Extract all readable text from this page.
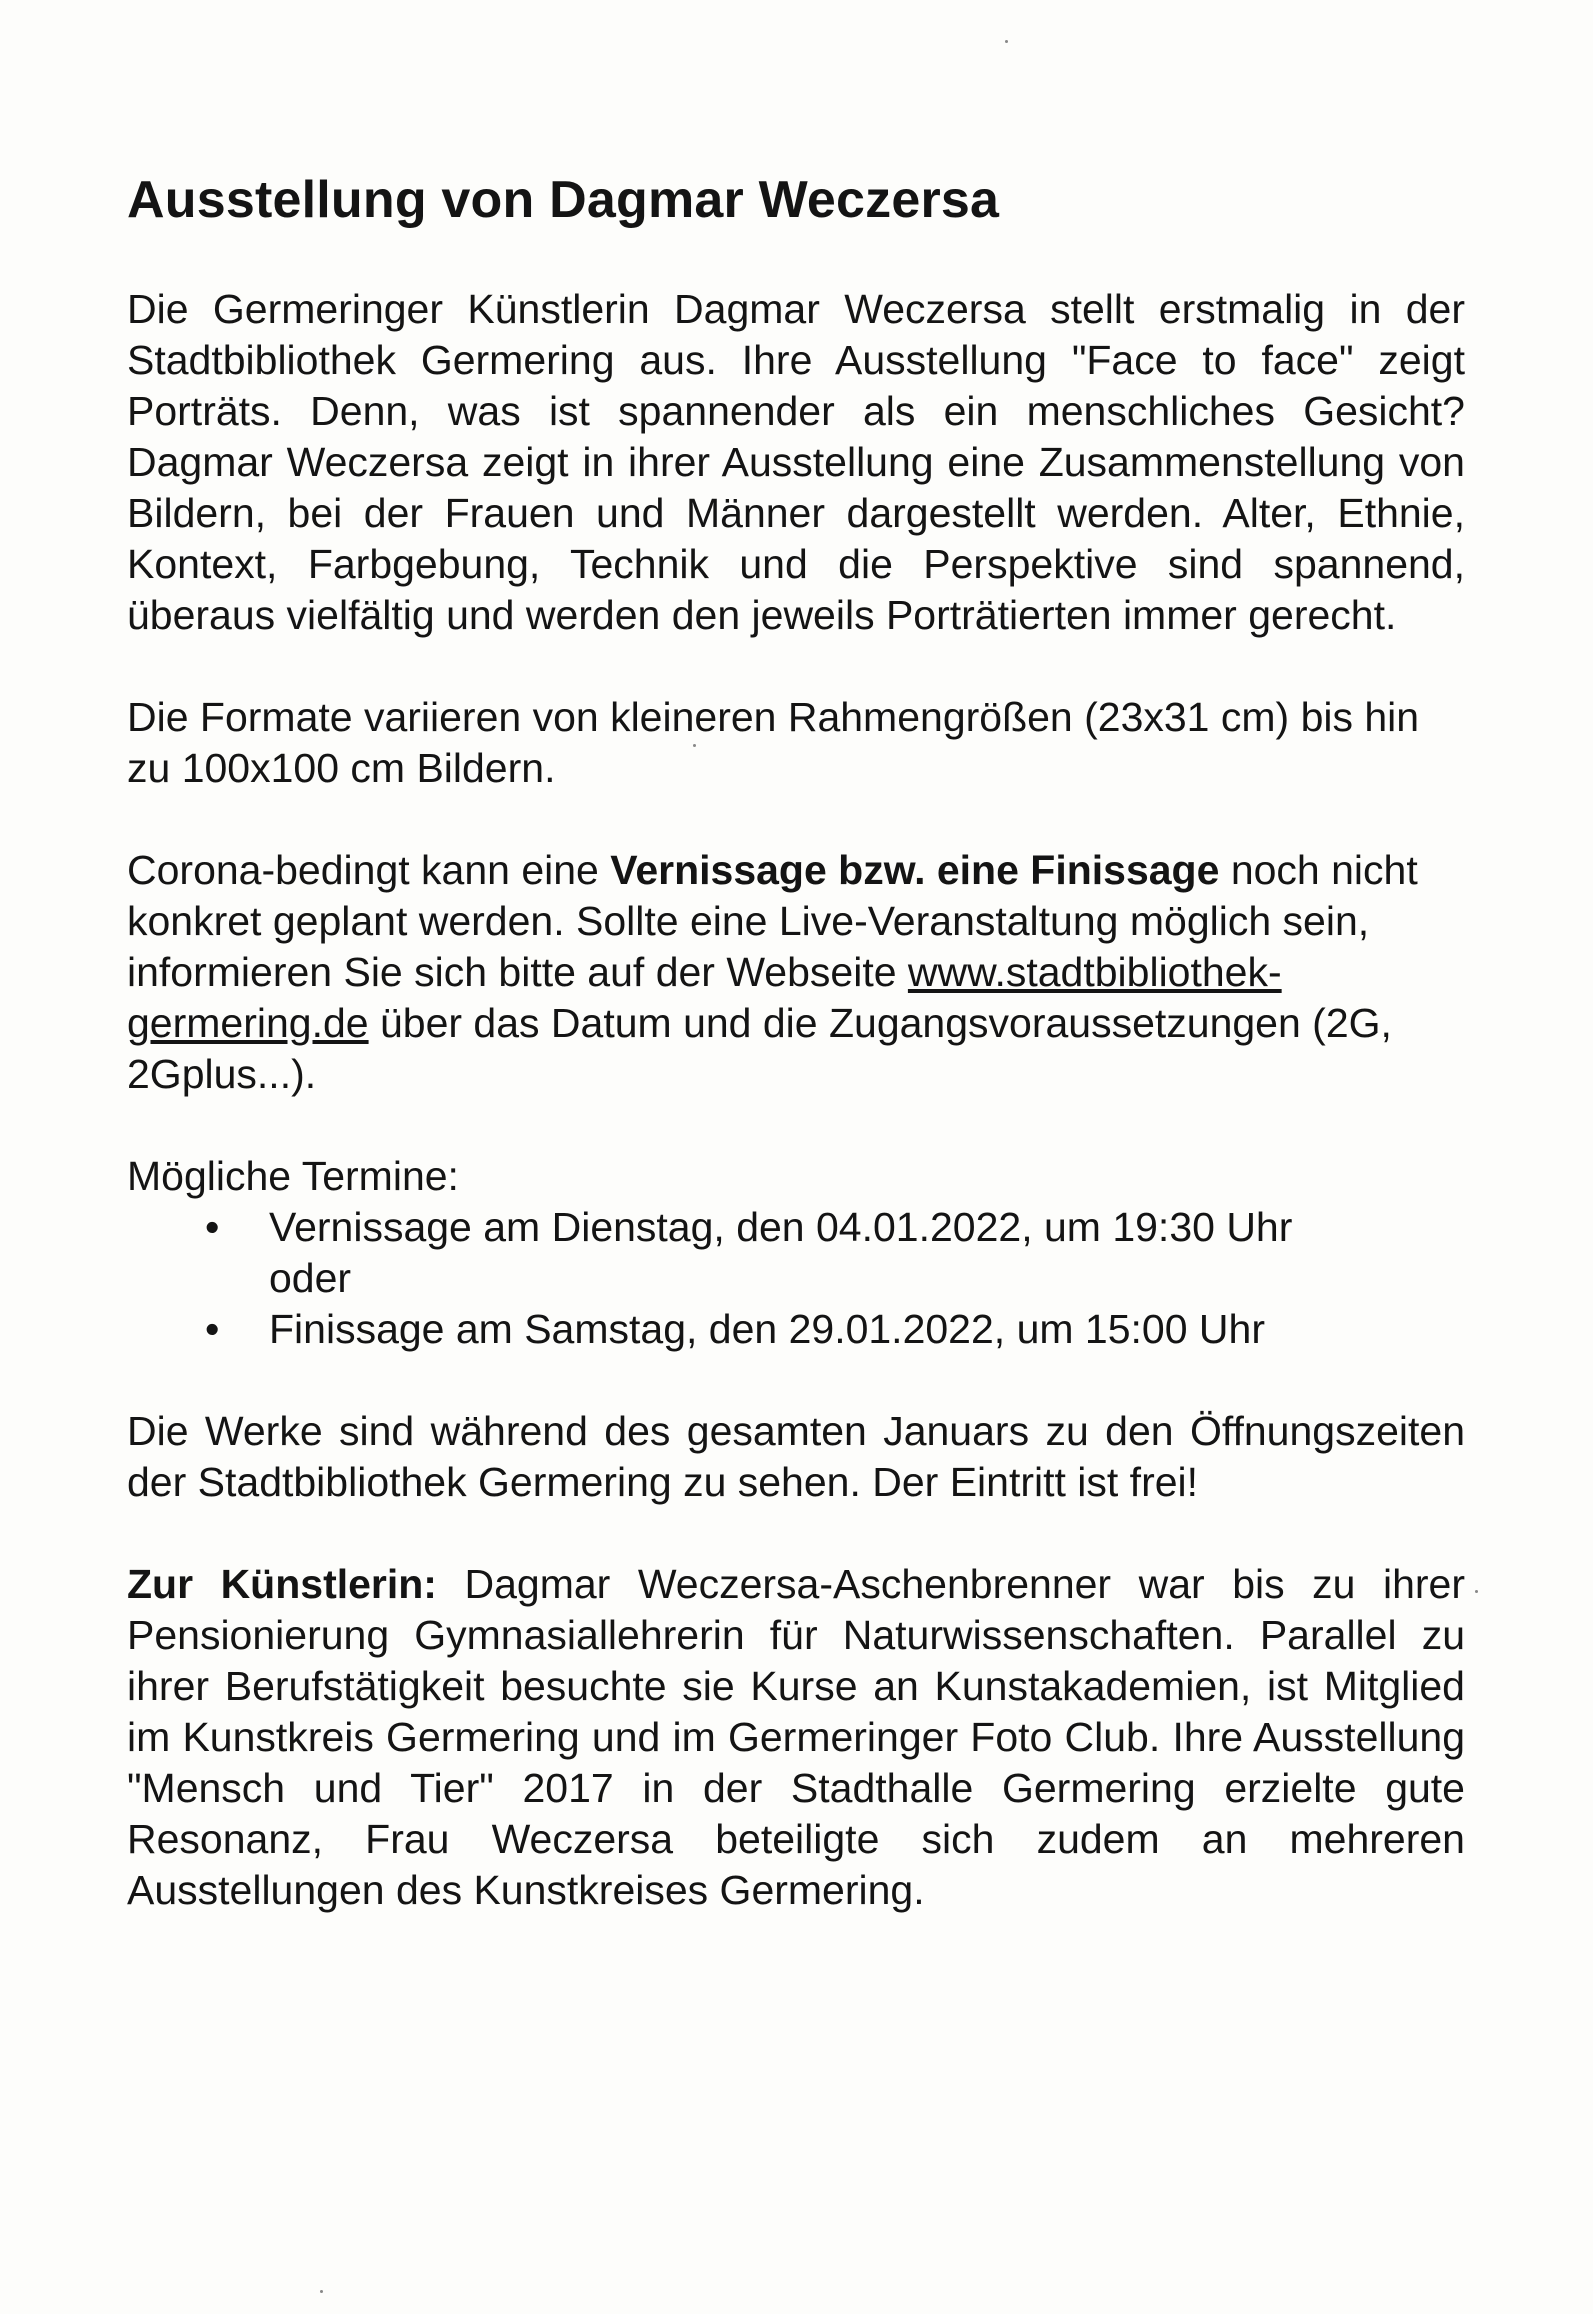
Ausstellung von Dagmar Weczersa

Die Germeringer Künstlerin Dagmar Weczersa stellt erstmalig in der Stadtbibliothek Germering aus. Ihre Ausstellung "Face to face" zeigt Porträts. Denn, was ist spannender als ein menschliches Gesicht? Dagmar Weczersa zeigt in ihrer Ausstellung eine Zusammenstellung von Bildern, bei der Frauen und Männer dargestellt werden. Alter, Ethnie, Kontext, Farbgebung, Technik und die Perspektive sind spannend, überaus vielfältig und werden den jeweils Porträtierten immer gerecht.

Die Formate variieren von kleineren Rahmengrößen (23x31 cm) bis hin zu 100x100 cm Bildern.

Corona-bedingt kann eine Vernissage bzw. eine Finissage noch nicht konkret geplant werden. Sollte eine Live-Veranstaltung möglich sein, informieren Sie sich bitte auf der Webseite www.stadtbibliothek-germering.de über das Datum und die Zugangsvoraussetzungen (2G, 2Gplus...).

Mögliche Termine:

• Vernissage am Dienstag, den 04.01.2022, um 19:30 Uhr oder
• Finissage am Samstag, den 29.01.2022, um 15:00 Uhr

Die Werke sind während des gesamten Januars zu den Öffnungszeiten der Stadtbibliothek Germering zu sehen. Der Eintritt ist frei!

Zur Künstlerin: Dagmar Weczersa-Aschenbrenner war bis zu ihrer Pensionierung Gymnasiallehrerin für Naturwissenschaften. Parallel zu ihrer Berufstätigkeit besuchte sie Kurse an Kunstakademien, ist Mitglied im Kunstkreis Germering und im Germeringer Foto Club. Ihre Ausstellung "Mensch und Tier" 2017 in der Stadthalle Germering erzielte gute Resonanz, Frau Weczersa beteiligte sich zudem an mehreren Ausstellungen des Kunstkreises Germering.
